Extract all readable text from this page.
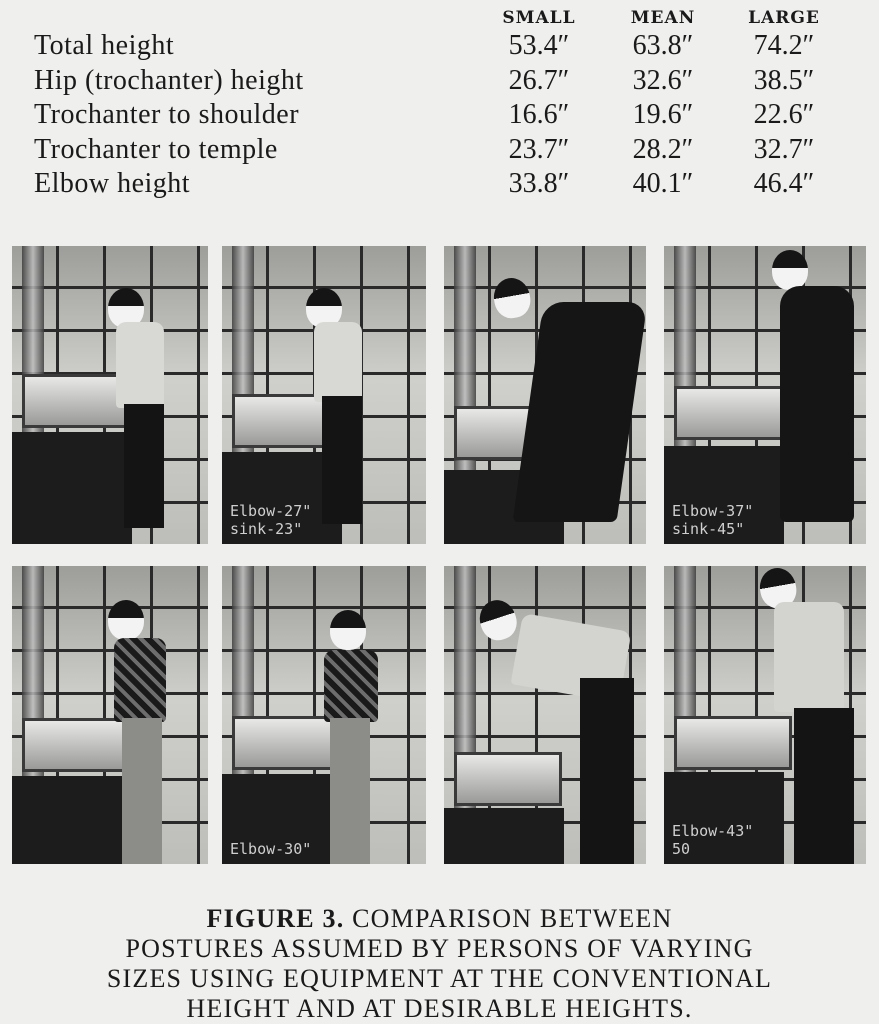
SMALL	MEAN	LARGE
Total height	53.4″	63.8″	74.2″
Hip (trochanter) height	26.7″	32.6″	38.5″
Trochanter to shoulder	16.6″	19.6″	22.6″
Trochanter to temple	23.7″	28.2″	32.7″
Elbow height	33.8″	40.1″	46.4″
Elbow-27"
sink-23"
Elbow-37"
sink-45"
Elbow-30"
Elbow-43"
50
FIGURE 3. COMPARISON BETWEEN
POSTURES ASSUMED BY PERSONS OF VARYING
SIZES USING EQUIPMENT AT THE CONVENTIONAL
HEIGHT AND AT DESIRABLE HEIGHTS.
